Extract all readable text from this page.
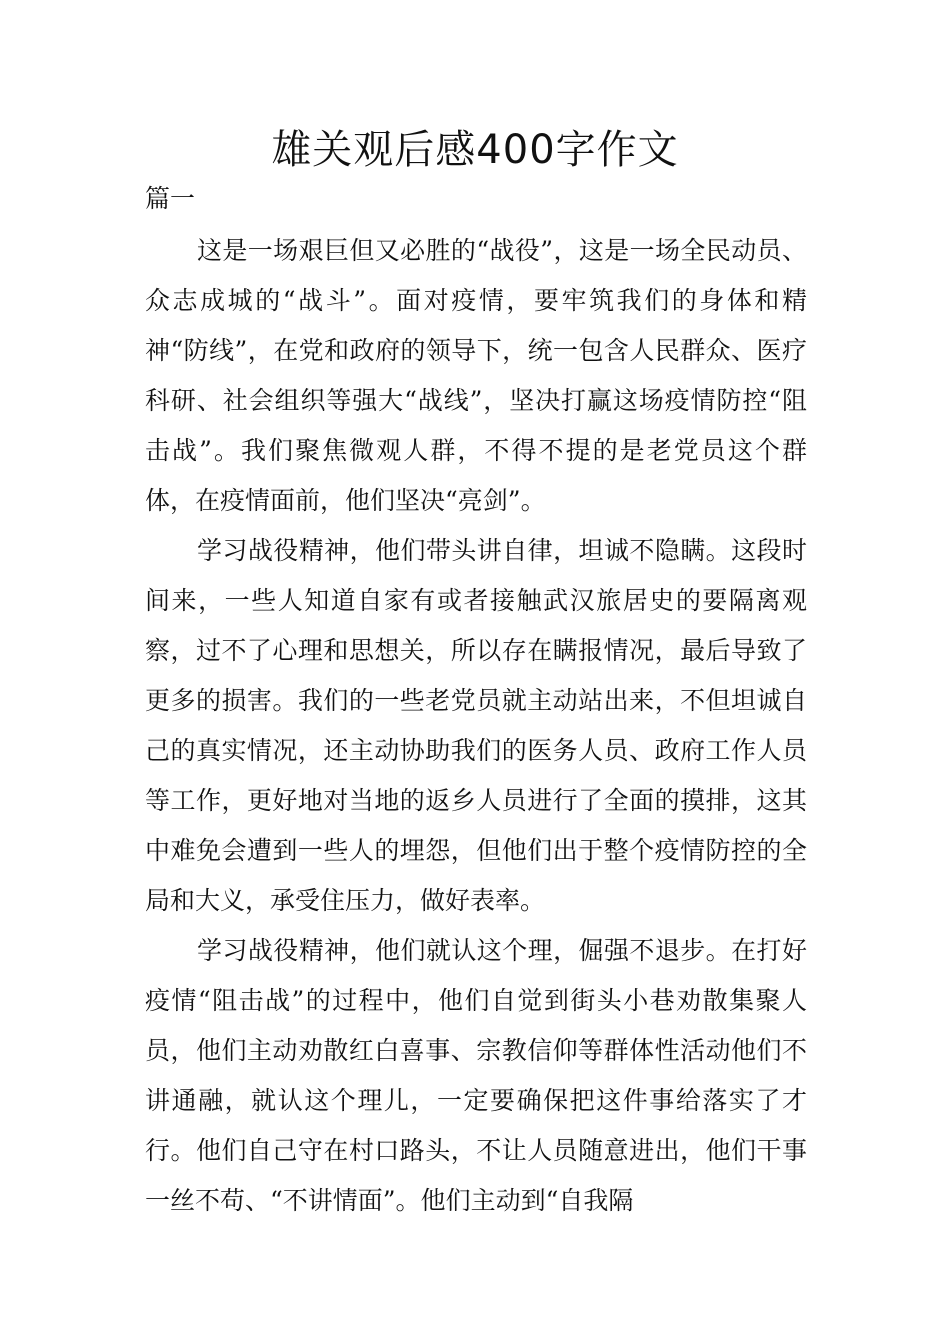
雄关观后感400字作文
篇一

这是一场艰巨但又必胜的“战役”，这是一场全民动员、众志成城的“战斗”。面对疫情，要牢筑我们的身体和精神“防线”，在党和政府的领导下，统一包含人民群众、医疗科研、社会组织等强大“战线”，坚决打赢这场疫情防控“阻击战”。我们聚焦微观人群，不得不提的是老党员这个群体，在疫情面前，他们坚决“亮剑”。

学习战役精神，他们带头讲自律，坦诚不隐瞒。这段时间来，一些人知道自家有或者接触武汉旅居史的要隔离观察，过不了心理和思想关，所以存在瞒报情况，最后导致了更多的损害。我们的一些老党员就主动站出来，不但坦诚自己的真实情况，还主动协助我们的医务人员、政府工作人员等工作，更好地对当地的返乡人员进行了全面的摸排，这其中难免会遭到一些人的埋怨，但他们出于整个疫情防控的全局和大义，承受住压力，做好表率。

学习战役精神，他们就认这个理，倔强不退步。在打好疫情“阻击战”的过程中，他们自觉到街头小巷劝散集聚人员，他们主动劝散红白喜事、宗教信仰等群体性活动他们不讲通融，就认这个理儿，一定要确保把这件事给落实了才行。他们自己守在村口路头，不让人员随意进出，他们干事一丝不苟、“不讲情面”。他们主动到“自我隔
